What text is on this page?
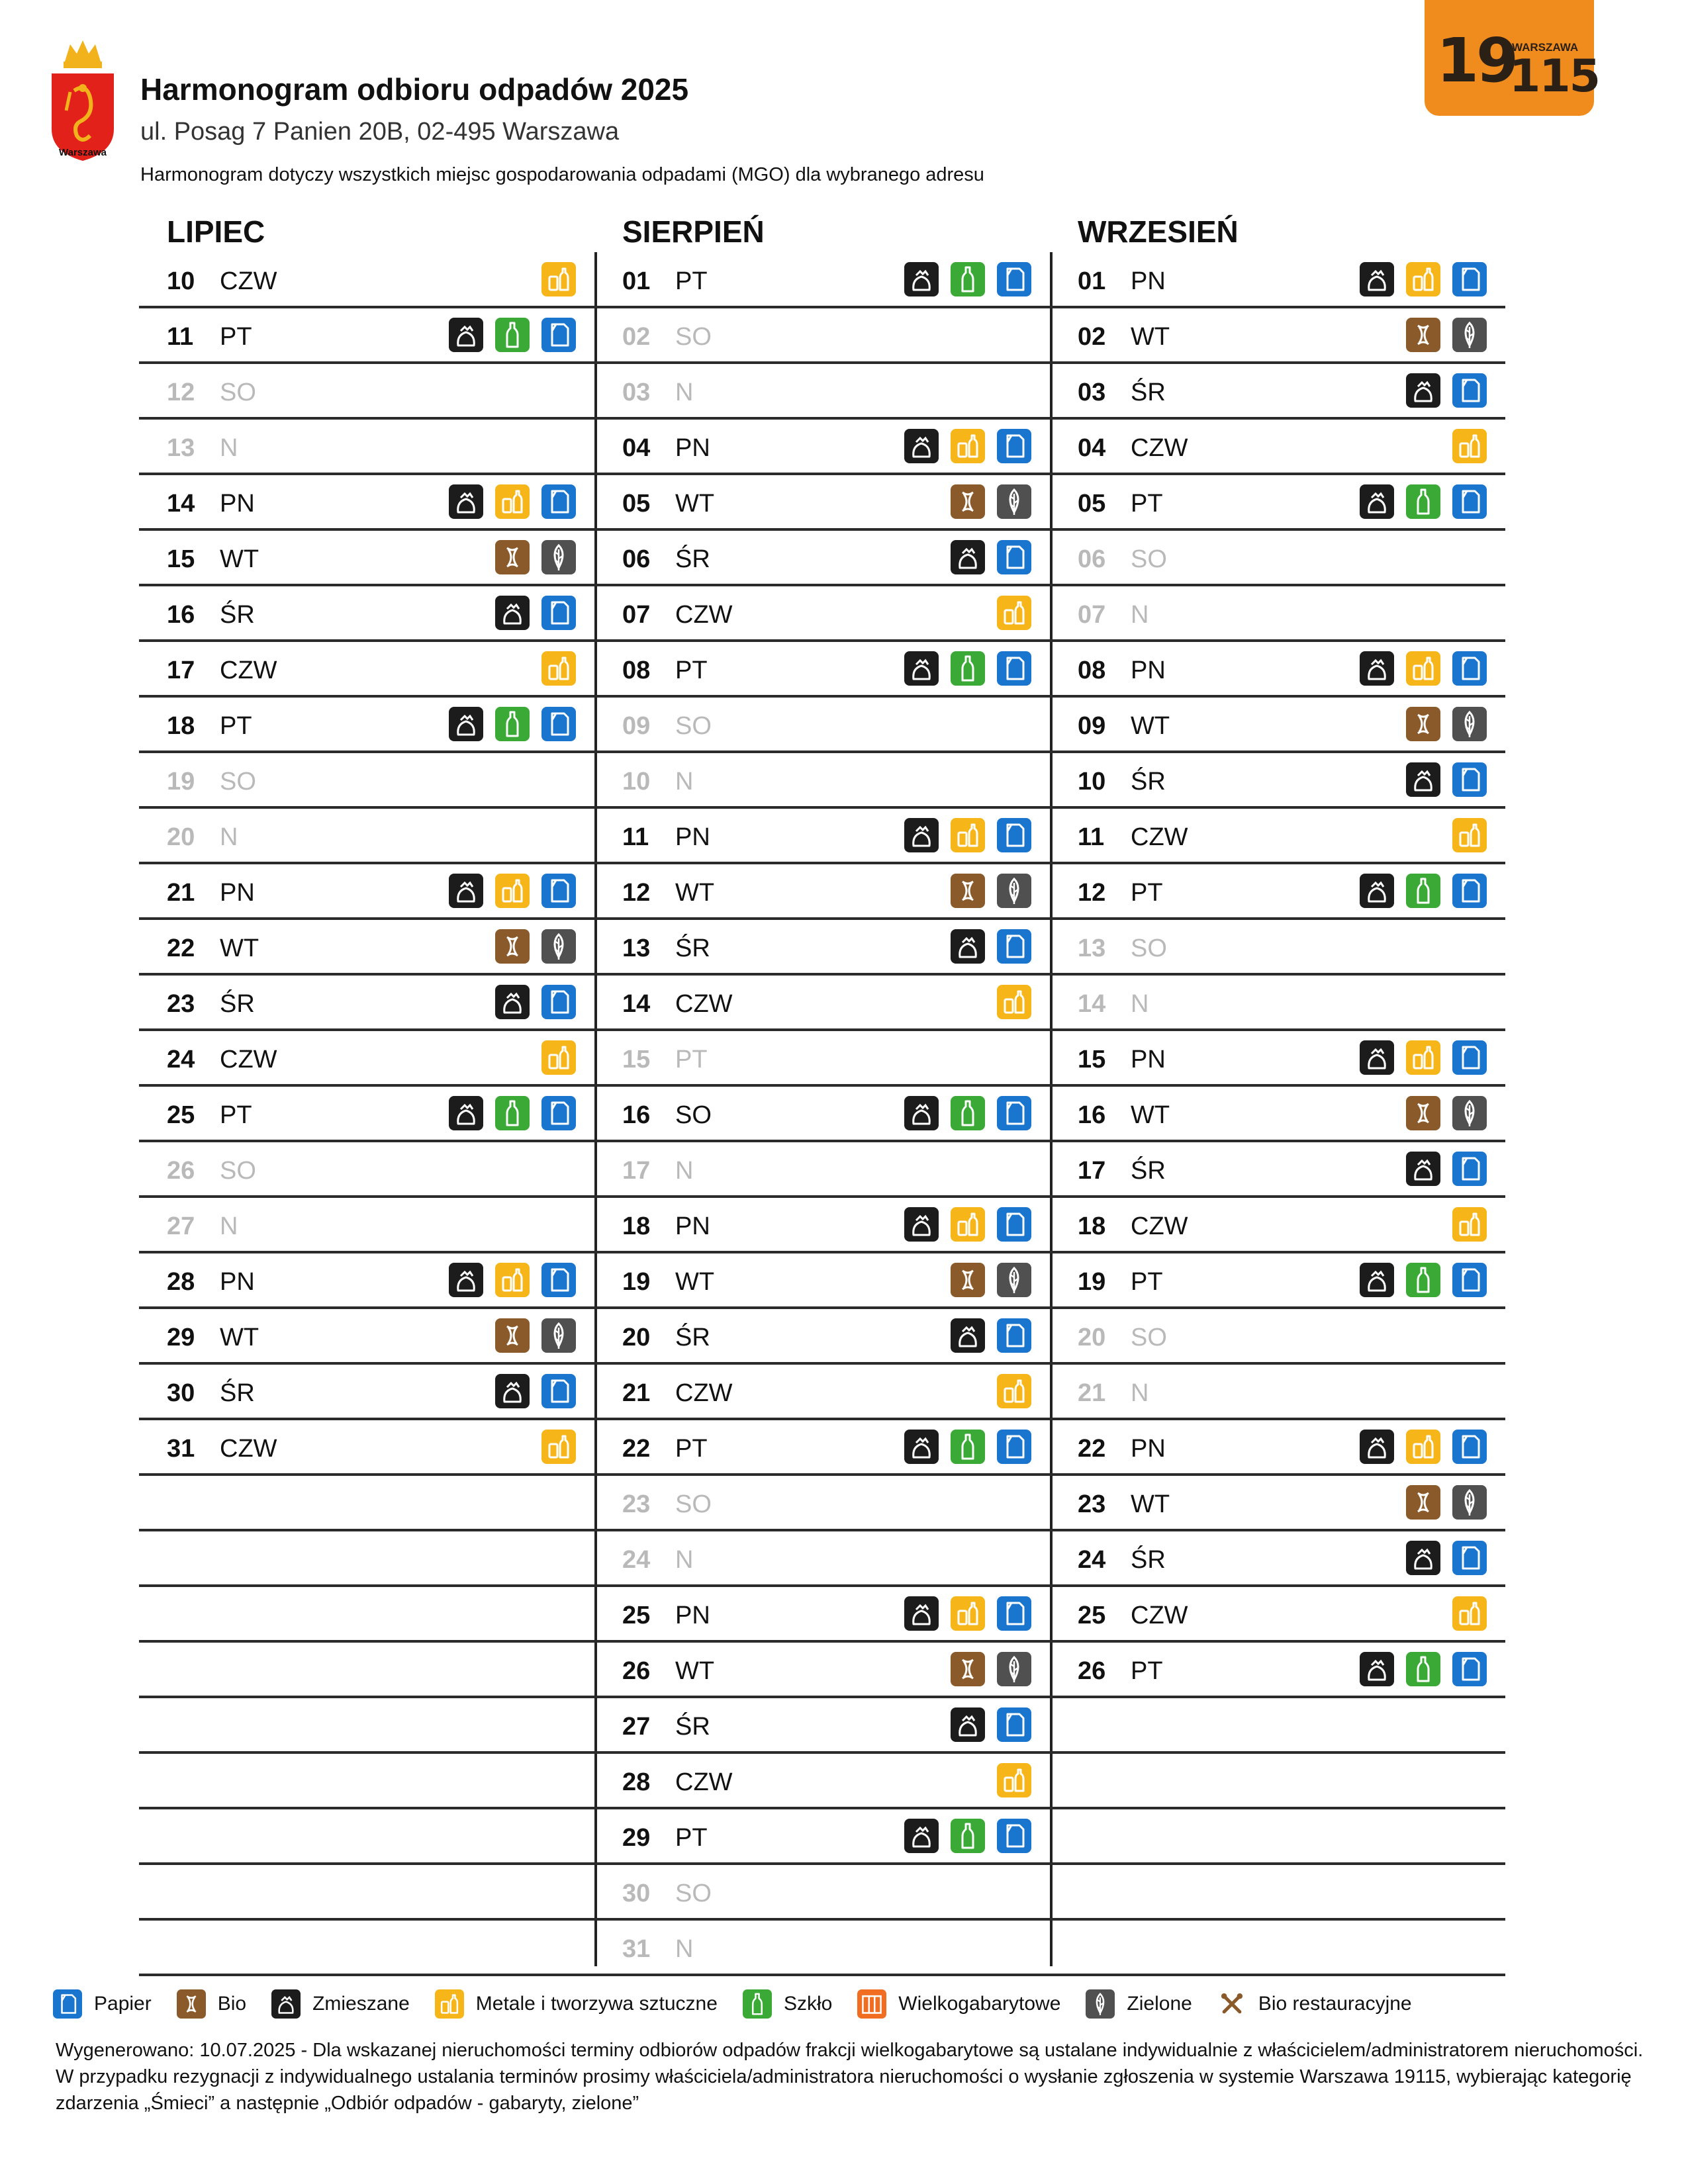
Warszawa
Harmonogram odbioru odpadów 2025
ul. Posag 7 Panien 20B, 02-495 Warszawa
Harmonogram dotyczy wszystkich miejsc gospodarowania odpadami (MGO) dla wybranego adresu
19
WARSZAWA
115
LIPIEC
10 CZW
11 PT
12 SO
13 N
14 PN
15 WT
16 ŚR
17 CZW
18 PT
19 SO
20 N
21 PN
22 WT
23 ŚR
24 CZW
25 PT
26 SO
27 N
28 PN
29 WT
30 ŚR
31 CZW
SIERPIEŃ
01 PT
02 SO
03 N
04 PN
05 WT
06 ŚR
07 CZW
08 PT
09 SO
10 N
11 PN
12 WT
13 ŚR
14 CZW
15 PT
16 SO
17 N
18 PN
19 WT
20 ŚR
21 CZW
22 PT
23 SO
24 N
25 PN
26 WT
27 ŚR
28 CZW
29 PT
30 SO
31 N
WRZESIEŃ
01 PN
02 WT
03 ŚR
04 CZW
05 PT
06 SO
07 N
08 PN
09 WT
10 ŚR
11 CZW
12 PT
13 SO
14 N
15 PN
16 WT
17 ŚR
18 CZW
19 PT
20 SO
21 N
22 PN
23 WT
24 ŚR
25 CZW
26 PT
Papier	Bio	Zmieszane	Metale i tworzywa sztuczne	Szkło	Wielkogabarytowe	Zielone	Bio restauracyjne
Wygenerowano: 10.07.2025 - Dla wskazanej nieruchomości terminy odbiorów odpadów frakcji wielkogabarytowe są ustalane indywidualnie z właścicielem/administratorem nieruchomości. W przypadku rezygnacji z indywidualnego ustalania terminów prosimy właściciela/administratora nieruchomości o wysłanie zgłoszenia w systemie Warszawa 19115, wybierając kategorię zdarzenia „Śmieci” a następnie „Odbiór odpadów - gabaryty, zielone”
